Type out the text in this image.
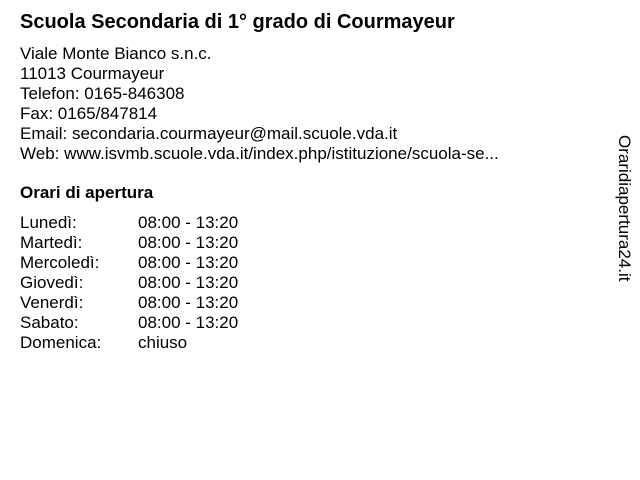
Scuola Secondaria di 1° grado di Courmayeur
Viale Monte Bianco s.n.c.
11013 Courmayeur
Telefon: 0165-846308
Fax: 0165/847814
Email: secondaria.courmayeur@mail.scuole.vda.it
Web: www.isvmb.scuole.vda.it/index.php/istituzione/scuola-se...
Orari di apertura
Lunedì:	08:00 - 13:20
Martedì:	08:00 - 13:20
Mercoledì: 08:00 - 13:20
Giovedì:	08:00 - 13:20
Venerdì:	08:00 - 13:20
Sabato:	08:00 - 13:20
Domenica: chiuso
Oraridiapertura24.it
